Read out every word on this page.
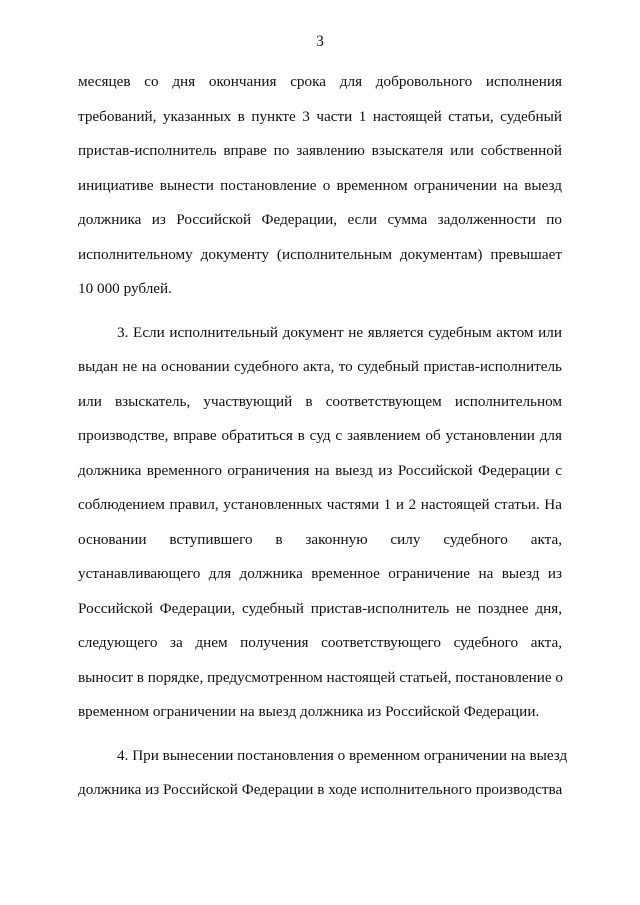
3
месяцев со дня окончания срока для добровольного исполнения
требований, указанных в пункте 3 части 1 настоящей статьи, судебный
пристав-исполнитель вправе по заявлению взыскателя или собственной
инициативе вынести постановление о временном ограничении на выезд
должника из Российской Федерации, если сумма задолженности по
исполнительному документу (исполнительным документам) превышает
10 000 рублей.
3. Если исполнительный документ не является судебным актом или
выдан не на основании судебного акта, то судебный пристав-исполнитель
или взыскатель, участвующий в соответствующем исполнительном
производстве, вправе обратиться в суд с заявлением об установлении для
должника временного ограничения на выезд из Российской Федерации с
соблюдением правил, установленных частями 1 и 2 настоящей статьи. На
основании вступившего в законную силу судебного акта,
устанавливающего для должника временное ограничение на выезд из
Российской Федерации, судебный пристав-исполнитель не позднее дня,
следующего за днем получения соответствующего судебного акта,
выносит в порядке, предусмотренном настоящей статьей, постановление о
временном ограничении на выезд должника из Российской Федерации.
4. При вынесении постановления о временном ограничении на выезд
должника из Российской Федерации в ходе исполнительного производства
